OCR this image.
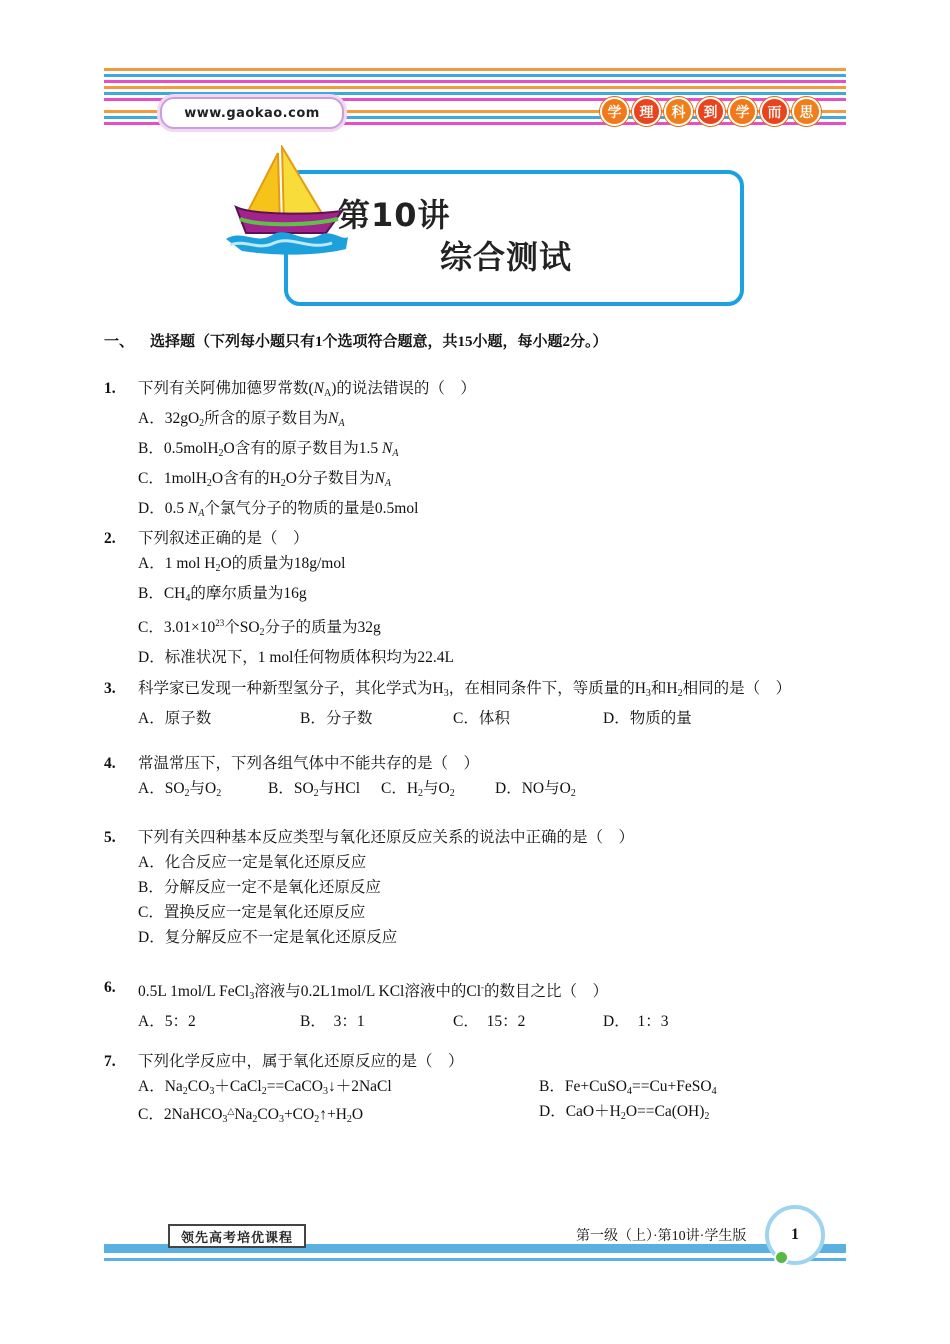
www.gaokao.com	学	理	科	到	学	而	思
第10讲
综合测试
一、 选择题（下列每小题只有1个选项符合题意，共15小题，每小题2分。）
1.	下列有关阿佛加德罗常数$(N_A)$的说法错误的（　）
A．$32gO_2$所含的原子数目为$N_A$
B．0.5molH$_2$O含有的原子数目为1.5 $N_A$
C．1molH$_2$O含有的$H_2O$分子数目为$N_A$
D．0.5 $N_A$个氯气分子的物质的量是0.5mol
2.	下列叙述正确的是（　）
A．1 mol $H_2O$的质量为18g/mol
B．$CH_4$的摩尔质量为16g
C．$3.01\times 10^{23}$个$SO_2$分子的质量为32g
D．标准状况下，1 mol任何物质体积均为22.4L
3.	科学家已发现一种新型氢分子，其化学式为$H_3$，在相同条件下，等质量的$H_3$和$H_2$相同的是（　）
A．原子数	B．分子数	C．体积	D．物质的量
4.	常温常压下，下列各组气体中不能共存的是（　）
A．$SO_2$与$O_2$	B．$SO_2$与HCl C．$H_2$与$O_2$	D．NO与$O_2$
5.	下列有关四种基本反应类型与氧化还原反应关系的说法中正确的是（　）
A．化合反应一定是氧化还原反应
B．分解反应一定不是氧化还原反应
C．置换反应一定是氧化还原反应
D．复分解反应不一定是氧化还原反应
6.	0.5L 1mol/L FeCl$_3$溶液与0.2L1mol/L KCl溶液中的Cl-的数目之比（　）
A．5：2	B．　3：1	C．　15：2	D．　1：3
7.	下列化学反应中，属于氧化还原反应的是（　）
A．$Na_2CO_3+CaCl_2==CaCO_3↓+2NaCl$	B．Fe+CuSO$_4$==Cu+FeSO$_4$
C．$2NaHCO_3^\triangle Na_2CO_3+CO_2↑+H_2O$	D．$CaO+H_2O==Ca(OH)_2$
领先高考培优课程	第一级（上）·第10讲·学生版	1
